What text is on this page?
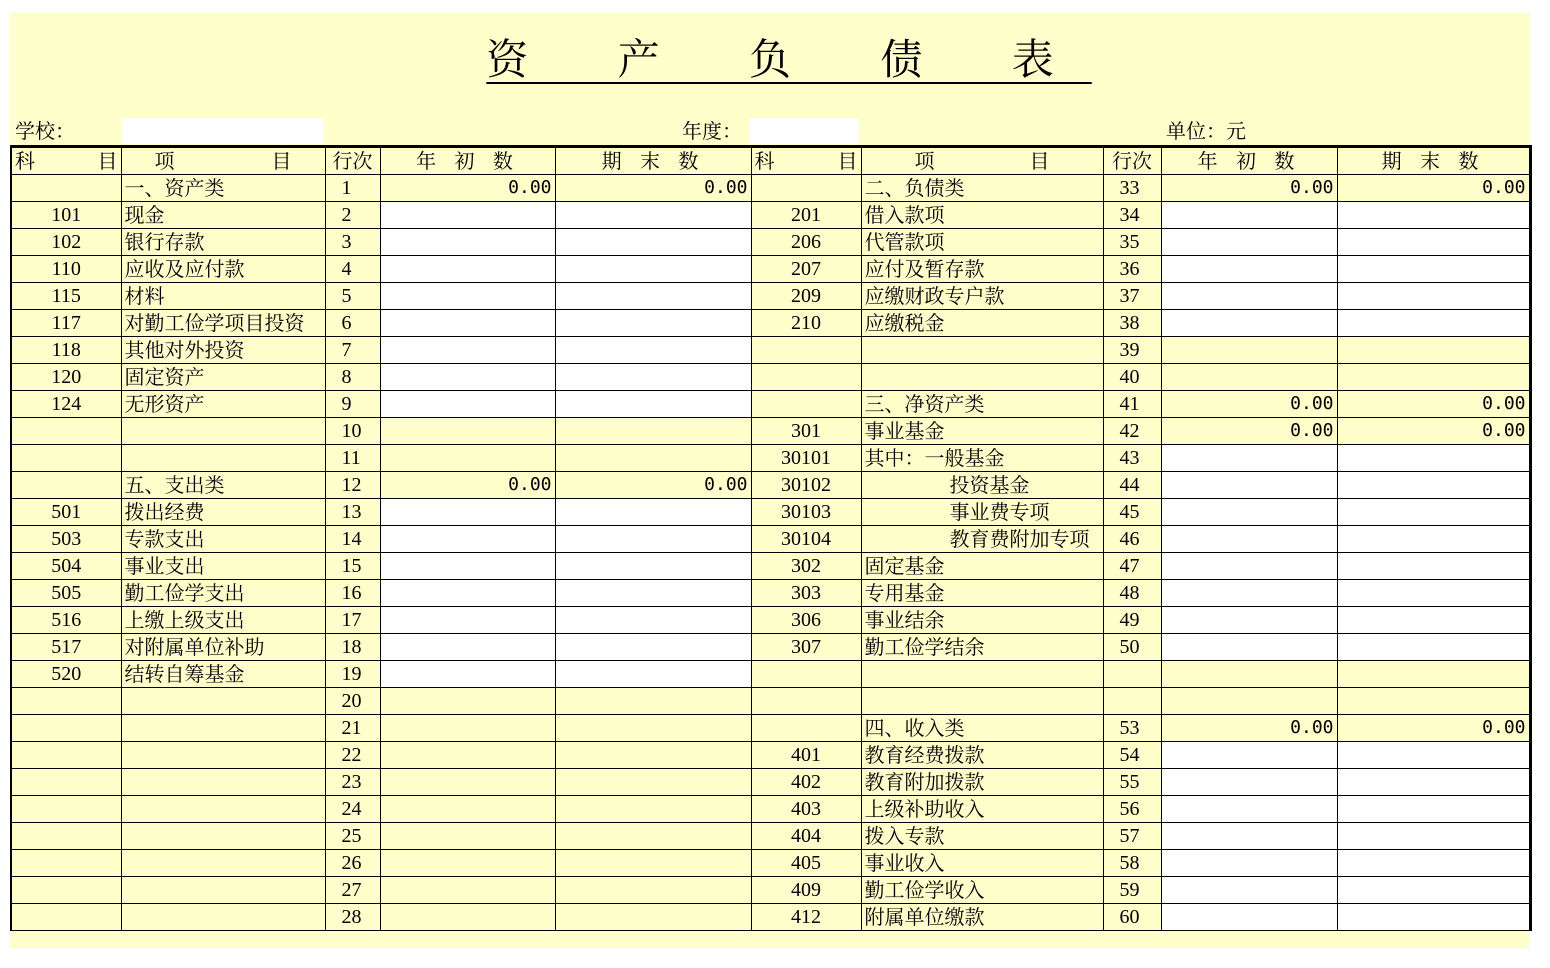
资 产 负 债 表
学校：	年度：	单位：元
科 目	项 目	行次	年 初 数	期 末 数	科 目	项 目	行次	年 初 数	期 末 数
	一、资产类	1	0.00	0.00		二、负债类	33	0.00	0.00
101	现金	2			201	借入款项	34		
102	银行存款	3			206	代管款项	35		
110	应收及应付款	4			207	应付及暂存款	36		
115	材料	5			209	应缴财政专户款	37		
117	对勤工俭学项目投资	6			210	应缴税金	38		
118	其他对外投资	7					39		
120	固定资产	8					40		
124	无形资产	9				三、净资产类	41	0.00	0.00
		10			301	事业基金	42	0.00	0.00
		11			30101	其中：一般基金	43		
	五、支出类	12	0.00	0.00	30102	投资基金	44		
501	拨出经费	13			30103	事业费专项	45		
503	专款支出	14			30104	教育费附加专项	46		
504	事业支出	15			302	固定基金	47		
505	勤工俭学支出	16			303	专用基金	48		
516	上缴上级支出	17			306	事业结余	49		
517	对附属单位补助	18			307	勤工俭学结余	50		
520	结转自筹基金	19							
		20							
		21				四、收入类	53	0.00	0.00
		22			401	教育经费拨款	54		
		23			402	教育附加拨款	55		
		24			403	上级补助收入	56		
		25			404	拨入专款	57		
		26			405	事业收入	58		
		27			409	勤工俭学收入	59		
		28			412	附属单位缴款	60		
